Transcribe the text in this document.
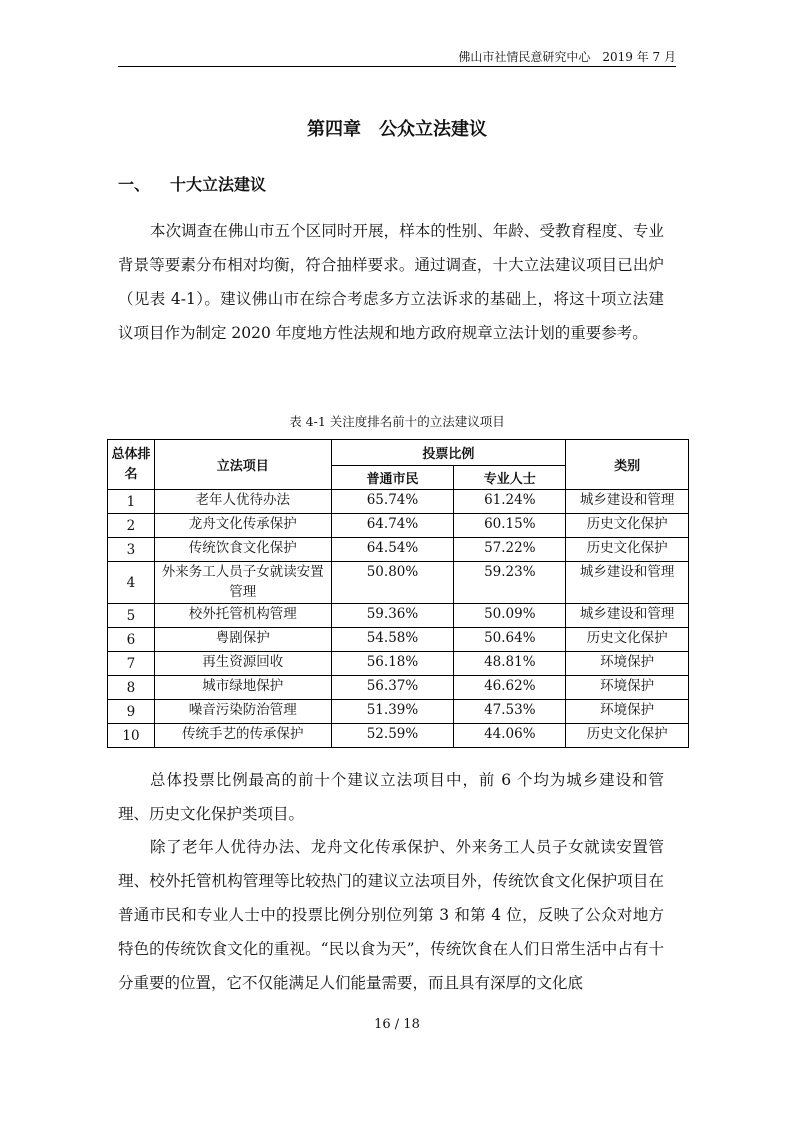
佛山市社情民意研究中心　2019 年 7 月
第四章　公众立法建议
一、 十大立法建议

本次调查在佛山市五个区同时开展，样本的性别、年龄、受教育程度、专业背景等要素分布相对均衡，符合抽样要求。通过调查，十大立法建议项目已出炉（见表 4-1）。建议佛山市在综合考虑多方立法诉求的基础上，将这十项立法建议项目作为制定 2020 年度地方性法规和地方政府规章立法计划的重要参考。

表 4-1 关注度排名前十的立法建议项目
总体排名	立法项目	投票比例		类别
		普通市民	专业人士	
1	老年人优待办法	65.74%	61.24%	城乡建设和管理
2	龙舟文化传承保护	64.74%	60.15%	历史文化保护
3	传统饮食文化保护	64.54%	57.22%	历史文化保护
4	外来务工人员子女就读安置管理	50.80%	59.23%	城乡建设和管理
5	校外托管机构管理	59.36%	50.09%	城乡建设和管理
6	粤剧保护	54.58%	50.64%	历史文化保护
7	再生资源回收	56.18%	48.81%	环境保护
8	城市绿地保护	56.37%	46.62%	环境保护
9	噪音污染防治管理	51.39%	47.53%	环境保护
10	传统手艺的传承保护	52.59%	44.06%	历史文化保护

总体投票比例最高的前十个建议立法项目中，前 6 个均为城乡建设和管理、历史文化保护类项目。

除了老年人优待办法、龙舟文化传承保护、外来务工人员子女就读安置管理、校外托管机构管理等比较热门的建议立法项目外，传统饮食文化保护项目在普通市民和专业人士中的投票比例分别位列第 3 和第 4 位，反映了公众对地方特色的传统饮食文化的重视。“民以食为天”，传统饮食在人们日常生活中占有十分重要的位置，它不仅能满足人们能量需要，而且具有深厚的文化底

16 / 18
